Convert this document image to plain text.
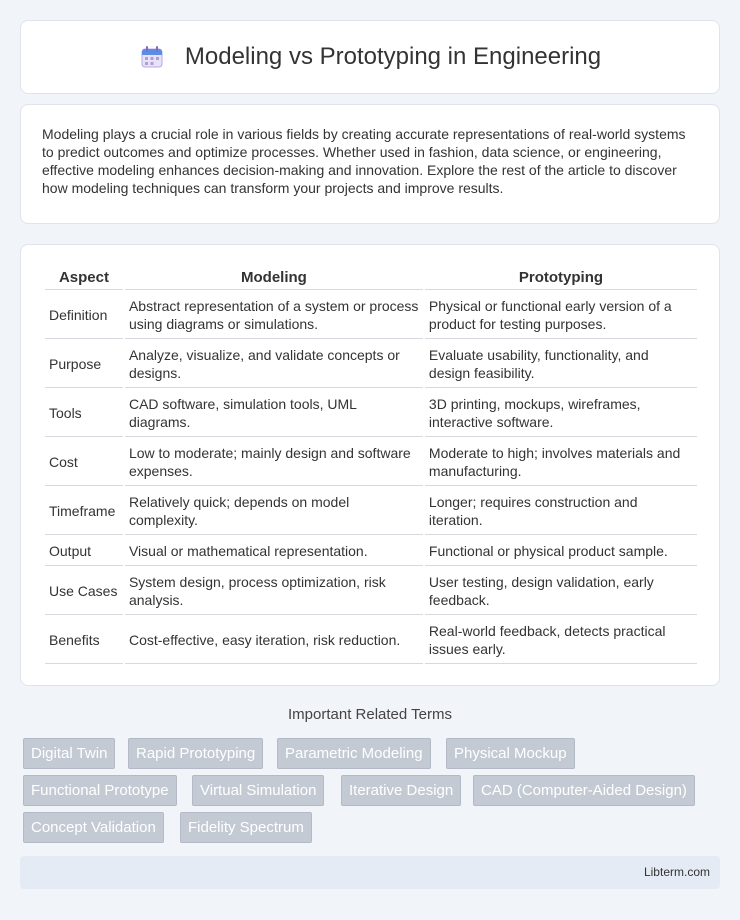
Modeling vs Prototyping in Engineering

Modeling plays a crucial role in various fields by creating accurate representations of real-world systems to predict outcomes and optimize processes. Whether used in fashion, data science, or engineering, effective modeling enhances decision-making and innovation. Explore the rest of the article to discover how modeling techniques can transform your projects and improve results.

Aspect	Modeling	Prototyping
Definition	Abstract representation of a system or process using diagrams or simulations.	Physical or functional early version of a product for testing purposes.
Purpose	Analyze, visualize, and validate concepts or designs.	Evaluate usability, functionality, and design feasibility.
Tools	CAD software, simulation tools, UML diagrams.	3D printing, mockups, wireframes, interactive software.
Cost	Low to moderate; mainly design and software expenses.	Moderate to high; involves materials and manufacturing.
Timeframe	Relatively quick; depends on model complexity.	Longer; requires construction and iteration.
Output	Visual or mathematical representation.	Functional or physical product sample.
Use Cases	System design, process optimization, risk analysis.	User testing, design validation, early feedback.
Benefits	Cost-effective, easy iteration, risk reduction.	Real-world feedback, detects practical issues early.
Important Related Terms
Digital Twin	Rapid Prototyping	Parametric Modeling	Physical Mockup
Functional Prototype	Virtual Simulation	Iterative Design	CAD (Computer-Aided Design)
Concept Validation	Fidelity Spectrum
Libterm.com
